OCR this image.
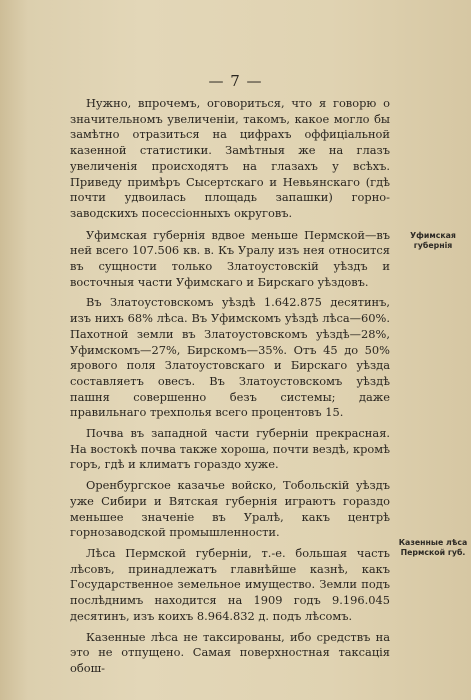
— 7 —

Нужно, впрочемъ, оговориться, что я говорю о значительномъ увеличеніи, такомъ, какое могло бы замѣтно отразиться на цифрахъ оффиціальной казенной статистики. Замѣтныя же на глазъ увеличенія происходятъ на глазахъ у всѣхъ. Приведу примѣръ Сысертскаго и Невьянскаго (гдѣ почти удвоилась площадь запашки) горно-заводскихъ посессіонныхъ округовъ.

Уфимская губернія вдвое меньше Пермской—въ ней всего 107.506 кв. в. Къ Уралу изъ нея относится въ сущности только Златоустовскій уѣздъ и восточныя части Уфимскаго и Бирскаго уѣздовъ.

Въ Златоустовскомъ уѣздѣ 1.642.875 десятинъ, изъ нихъ 68% лѣса. Въ Уфимскомъ уѣздѣ лѣса—60%. Пахотной земли въ Златоустовскомъ уѣздѣ—28%, Уфимскомъ—27%, Бирскомъ—35%. Отъ 45 до 50% ярового поля Златоустовскаго и Бирскаго уѣзда составляетъ овесъ. Въ Златоустовскомъ уѣздѣ пашня совершенно безъ системы; даже правильнаго трехполья всего процентовъ 15.

Почва въ западной части губерніи прекрасная. На востокѣ почва также хороша, почти вездѣ, кромѣ горъ, гдѣ и климатъ гораздо хуже.

Оренбургское казачье войско, Тобольскій уѣздъ уже Сибири и Вятская губернія играютъ гораздо меньшее значеніе въ Уралѣ, какъ центрѣ горнозаводской промышленности.

Лѣса Пермской губерніи, т.-е. большая часть лѣсовъ, принадлежатъ главнѣйше казнѣ, какъ Государственное земельное имущество. Земли подъ послѣднимъ находится на 1909 годъ 9.196.045 десятинъ, изъ коихъ 8.964.832 д. подъ лѣсомъ.

Казенные лѣса не таксированы, ибо средствъ на это не отпущено. Самая поверхностная таксація обош-

Уфимская губернія
Казенные лѣса Пермской губ.
